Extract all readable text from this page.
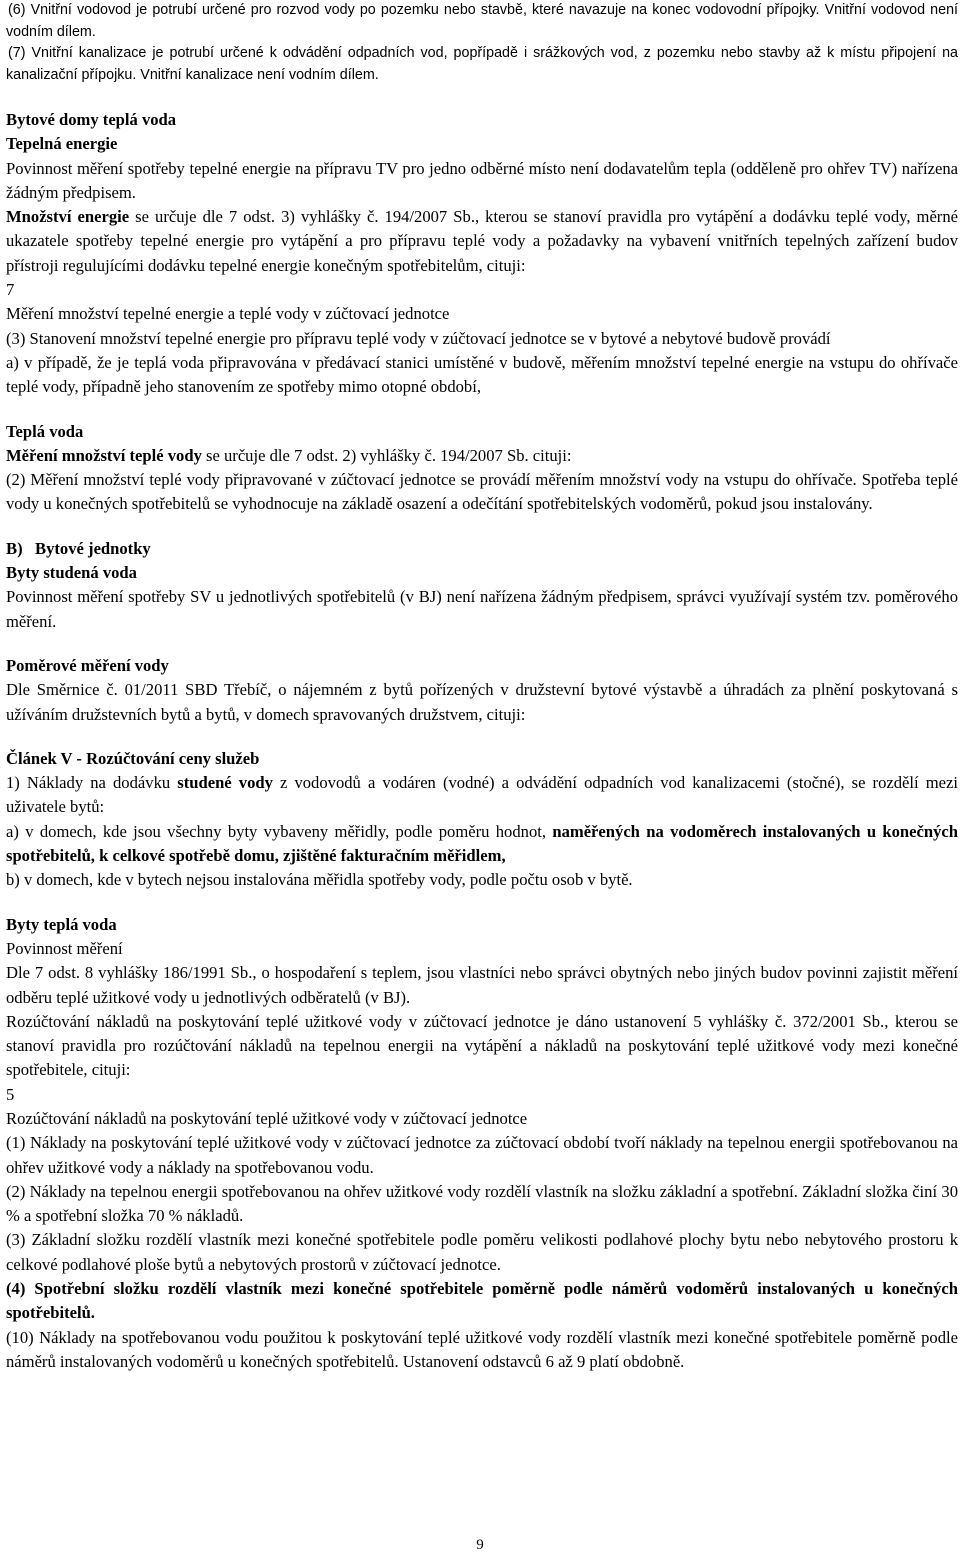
(6) Vnitřní vodovod je potrubí určené pro rozvod vody po pozemku nebo stavbě, které navazuje na konec vodovodní přípojky. Vnitřní vodovod není vodním dílem.

(7) Vnitřní kanalizace je potrubí určené k odvádění odpadních vod, popřípadě i srážkových vod, z pozemku nebo stavby až k místu připojení na kanalizační přípojku. Vnitřní kanalizace není vodním dílem.

Bytové domy teplá voda

Tepelná energie

Povinnost měření spotřeby tepelné energie na přípravu TV pro jedno odběrné místo není dodavatelům tepla (odděleně pro ohřev TV) nařízena žádným předpisem.

Množství energie se určuje dle 7 odst. 3) vyhlášky č. 194/2007 Sb., kterou se stanoví pravidla pro vytápění a dodávku teplé vody, měrné ukazatele spotřeby tepelné energie pro vytápění a pro přípravu teplé vody a požadavky na vybavení vnitřních tepelných zařízení budov přístroji regulujícími dodávku tepelné energie konečným spotřebitelům, cituji:

7

Měření množství tepelné energie a teplé vody v zúčtovací jednotce

(3) Stanovení množství tepelné energie pro přípravu teplé vody v zúčtovací jednotce se v bytové a nebytové budově provádí

a) v případě, že je teplá voda připravována v předávací stanici umístěné v budově, měřením množství tepelné energie na vstupu do ohřívače teplé vody, případně jeho stanovením ze spotřeby mimo otopné období,

Teplá voda

Měření množství teplé vody se určuje dle 7 odst. 2) vyhlášky č. 194/2007 Sb. cituji:

(2) Měření množství teplé vody připravované v zúčtovací jednotce se provádí měřením množství vody na vstupu do ohřívače. Spotřeba teplé vody u konečných spotřebitelů se vyhodnocuje na základě osazení a odečítání spotřebitelských vodoměrů, pokud jsou instalovány.

B)   Bytové jednotky

Byty studená voda

Povinnost měření spotřeby SV u jednotlivých spotřebitelů (v BJ) není nařízena žádným předpisem, správci využívají systém tzv. poměrového měření.

Poměrové měření vody

Dle Směrnice č. 01/2011 SBD Třebíč, o nájemném z bytů pořízených v družstevní bytové výstavbě a úhradách za plnění poskytovaná s užíváním družstevních bytů a bytů, v domech spravovaných družstvem, cituji:

Článek V - Rozúčtování ceny služeb

1) Náklady na dodávku studené vody z vodovodů a vodáren (vodné) a odvádění odpadních vod kanalizacemi (stočné), se rozdělí mezi uživatele bytů:

a) v domech, kde jsou všechny byty vybaveny měřidly, podle poměru hodnot, naměřených na vodoměrech instalovaných u konečných spotřebitelů, k celkové spotřebě domu, zjištěné fakturačním měřidlem,

b) v domech, kde v bytech nejsou instalována měřidla spotřeby vody, podle počtu osob v bytě.

Byty teplá voda

Povinnost měření

Dle 7 odst. 8 vyhlášky 186/1991 Sb., o hospodaření s teplem, jsou vlastníci nebo správci obytných nebo jiných budov povinni zajistit měření odběru teplé užitkové vody u jednotlivých odběratelů (v BJ).

Rozúčtování nákladů na poskytování teplé užitkové vody v zúčtovací jednotce je dáno ustanovení 5 vyhlášky č. 372/2001 Sb., kterou se stanoví pravidla pro rozúčtování nákladů na tepelnou energii na vytápění a nákladů na poskytování teplé užitkové vody mezi konečné spotřebitele, cituji:

5

Rozúčtování nákladů na poskytování teplé užitkové vody v zúčtovací jednotce

(1) Náklady na poskytování teplé užitkové vody v zúčtovací jednotce za zúčtovací období tvoří náklady na tepelnou energii spotřebovanou na ohřev užitkové vody a náklady na spotřebovanou vodu.

(2) Náklady na tepelnou energii spotřebovanou na ohřev užitkové vody rozdělí vlastník na složku základní a spotřební. Základní složka činí 30 % a spotřební složka 70 % nákladů.

(3) Základní složku rozdělí vlastník mezi konečné spotřebitele podle poměru velikosti podlahové plochy bytu nebo nebytového prostoru k celkové podlahové ploše bytů a nebytových prostorů v zúčtovací jednotce.

(4) Spotřební složku rozdělí vlastník mezi konečné spotřebitele poměrně podle náměrů vodoměrů instalovaných u konečných spotřebitelů.

(10) Náklady na spotřebovanou vodu použitou k poskytování teplé užitkové vody rozdělí vlastník mezi konečné spotřebitele poměrně podle náměrů instalovaných vodoměrů u konečných spotřebitelů. Ustanovení odstavců 6 až 9 platí obdobně.

9
